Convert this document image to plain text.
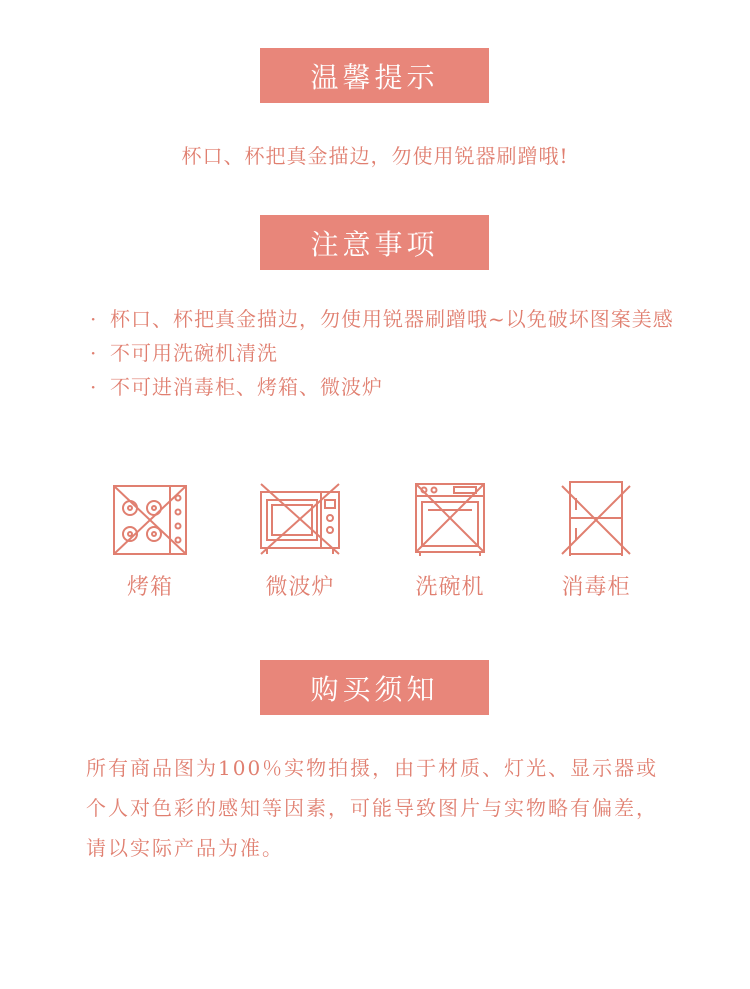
温馨提示
杯口、杯把真金描边，勿使用锐器刷蹭哦!
注意事项
· 杯口、杯把真金描边，勿使用锐器刷蹭哦~以免破坏图案美感
· 不可用洗碗机清洗
· 不可进消毒柜、烤箱、微波炉
烤箱	微波炉	洗碗机	消毒柜
购买须知
所有商品图为100％实物拍摄，由于材质、灯光、显示器或个人对色彩的感知等因素，可能导致图片与实物略有偏差，请以实际产品为准。
